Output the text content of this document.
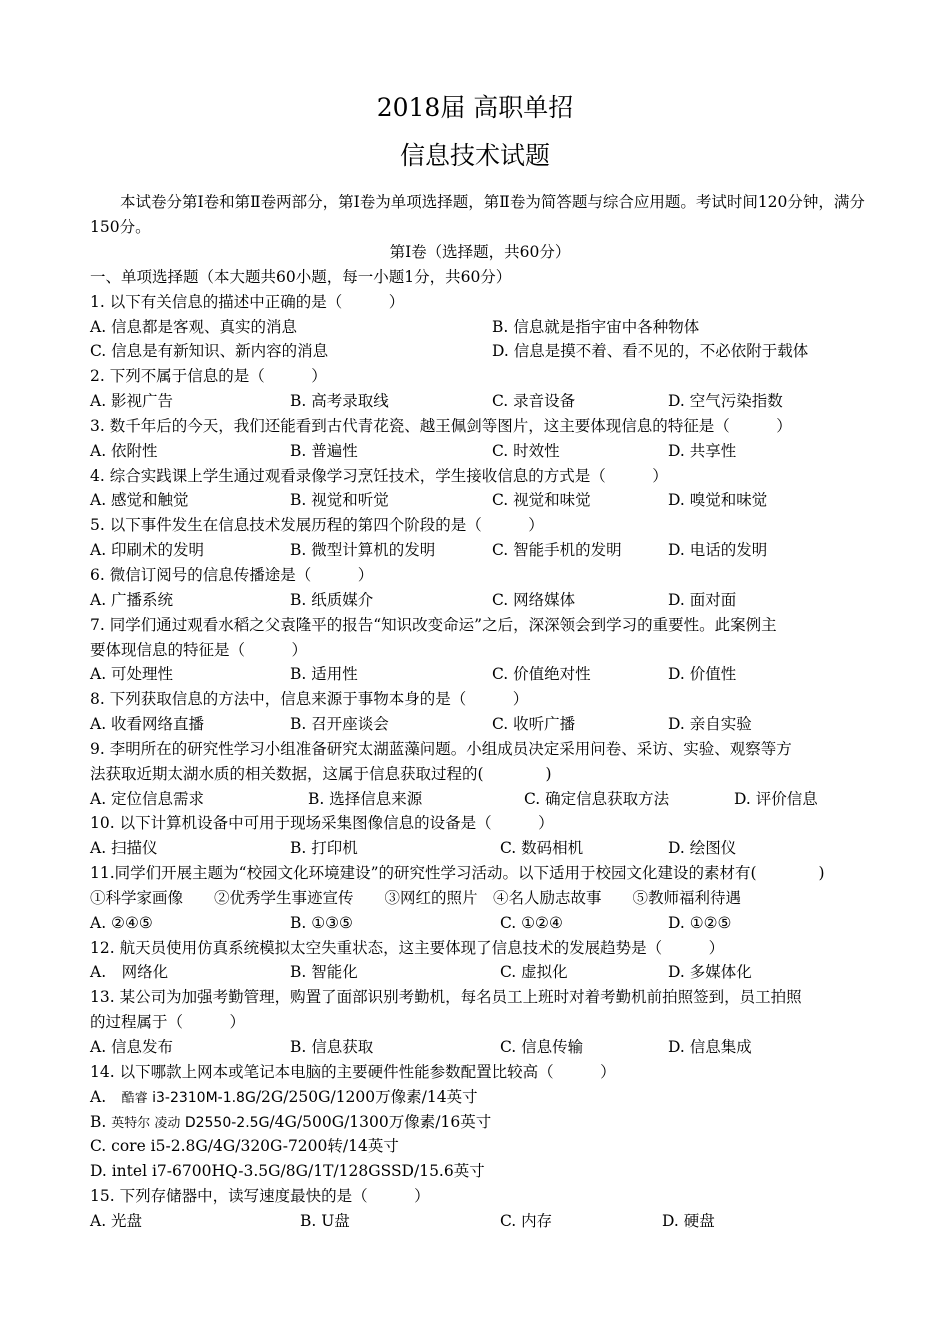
2018届 高职单招
信息技术试题
本试卷分第Ⅰ卷和第Ⅱ卷两部分，第Ⅰ卷为单项选择题，第Ⅱ卷为简答题与综合应用题。考试时间120分钟，满分150分。
第Ⅰ卷（选择题，共60分）
一、单项选择题（本大题共60小题，每一小题1分，共60分）
1. 以下有关信息的描述中正确的是（　　　）
A. 信息都是客观、真实的消息	B. 信息就是指宇宙中各种物体
C. 信息是有新知识、新内容的消息	D. 信息是摸不着、看不见的，不必依附于载体
2. 下列不属于信息的是（　　　）
A. 影视广告	B. 高考录取线	C. 录音设备	D. 空气污染指数
3. 数千年后的今天，我们还能看到古代青花瓷、越王佩剑等图片，这主要体现信息的特征是（　　　）
A. 依附性	B. 普遍性	C. 时效性	D. 共享性
4. 综合实践课上学生通过观看录像学习烹饪技术，学生接收信息的方式是（　　　）
A. 感觉和触觉	B. 视觉和听觉	C. 视觉和味觉	D. 嗅觉和味觉
5. 以下事件发生在信息技术发展历程的第四个阶段的是（　　　）
A. 印刷术的发明	B. 微型计算机的发明	C. 智能手机的发明	D. 电话的发明
6. 微信订阅号的信息传播途是（　　　）
A. 广播系统	B. 纸质媒介	C. 网络媒体	D. 面对面
7. 同学们通过观看水稻之父袁隆平的报告“知识改变命运”之后，深深领会到学习的重要性。此案例主
要体现信息的特征是（　　　）
A. 可处理性	B. 适用性	C. 价值绝对性	D. 价值性
8. 下列获取信息的方法中，信息来源于事物本身的是（　　　）
A. 收看网络直播	B. 召开座谈会	C. 收听广播	D. 亲自实验
9. 李明所在的研究性学习小组准备研究太湖蓝藻问题。小组成员决定采用问卷、采访、实验、观察等方
法获取近期太湖水质的相关数据，这属于信息获取过程的(　　　　)
A. 定位信息需求	B. 选择信息来源	C. 确定信息获取方法	D. 评价信息
10. 以下计算机设备中可用于现场采集图像信息的设备是（　　　）
A. 扫描仪	B. 打印机	C. 数码相机	D. 绘图仪
11.同学们开展主题为“校园文化环境建设”的研究性学习活动。以下适用于校园文化建设的素材有(　　　　)
①科学家画像　　②优秀学生事迹宣传　　③网红的照片　④名人励志故事　　⑤教师福利待遇
A. ②④⑤	B. ①③⑤	C. ①②④	D. ①②⑤
12. 航天员使用仿真系统模拟太空失重状态，这主要体现了信息技术的发展趋势是（　　　）
A.　网络化	B. 智能化	C. 虚拟化	D. 多媒体化
13. 某公司为加强考勤管理，购置了面部识别考勤机，每名员工上班时对着考勤机前拍照签到，员工拍照
的过程属于（　　　）
A. 信息发布	B. 信息获取	C. 信息传输	D. 信息集成
14. 以下哪款上网本或笔记本电脑的主要硬件性能参数配置比较高（　　　）
A.　酷睿 i3-2310M-1.8G/2G/250G/1200万像素/14英寸
B. 英特尔 凌动 D2550-2.5G/4G/500G/1300万像素/16英寸
C. core i5-2.8G/4G/320G-7200转/14英寸
D. intel i7-6700HQ-3.5G/8G/1T/128GSSD/15.6英寸
15. 下列存储器中，读写速度最快的是（　　　）
A. 光盘	B. U盘	C. 内存	D. 硬盘
